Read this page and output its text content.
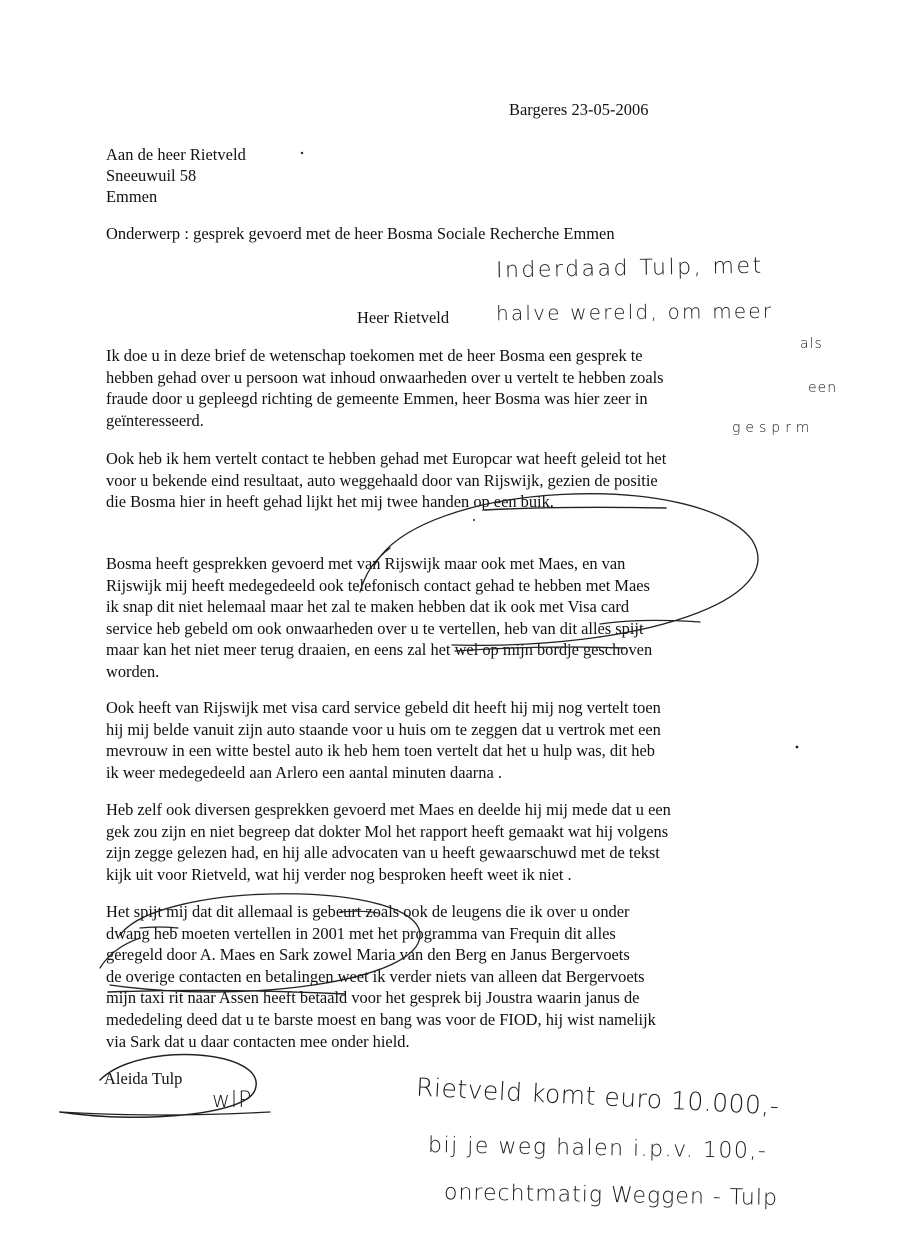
Bargeres 23-05-2006
Aan de heer Rietveld
Sneeuwuil 58
Emmen
Onderwerp : gesprek gevoerd met de heer Bosma Sociale Recherche Emmen
Heer Rietveld
Ik doe u in deze brief de wetenschap toekomen met de heer Bosma een gesprek te
hebben gehad over u persoon wat inhoud onwaarheden over u vertelt te hebben zoals
fraude door u gepleegd richting de gemeente Emmen, heer Bosma was hier zeer in
geïnteresseerd.
Ook heb ik hem vertelt contact te hebben gehad met Europcar wat heeft geleid tot het
voor u bekende eind resultaat, auto weggehaald door van Rijswijk, gezien de positie
die Bosma hier in heeft gehad lijkt het mij twee handen op een buik.
Bosma heeft gesprekken gevoerd met van Rijswijk maar ook met Maes, en van
Rijswijk mij heeft medegedeeld ook telefonisch contact gehad te hebben met Maes
ik snap dit niet helemaal maar het zal te maken hebben dat ik ook met Visa card
service heb gebeld om ook onwaarheden over u te vertellen, heb van dit alles spijt
maar kan het niet meer terug draaien, en eens zal het wel op mijn bordje geschoven
worden.
Ook heeft van Rijswijk met visa card service gebeld dit heeft hij mij nog vertelt toen
hij mij belde vanuit zijn auto staande voor u huis om te zeggen dat u vertrok met een
mevrouw in een witte bestel auto ik heb hem toen vertelt dat het u hulp was, dit heb
ik weer medegedeeld aan Arlero een aantal minuten daarna .
Heb zelf ook diversen gesprekken gevoerd met Maes en deelde hij mij mede dat u een
gek zou zijn en niet begreep dat dokter Mol het rapport heeft gemaakt wat hij volgens
zijn zegge gelezen had, en hij alle advocaten van u heeft gewaarschuwd met de tekst
kijk uit voor Rietveld, wat hij verder nog besproken heeft weet ik niet .
Het spijt mij dat dit allemaal is gebeurt zoals ook de leugens die ik over u onder
dwang heb moeten vertellen in 2001 met het programma van Frequin dit alles
geregeld door A. Maes en Sark zowel Maria van den Berg en Janus Bergervoets
de overige contacten en betalingen weet ik verder niets van alleen dat Bergervoets
mijn taxi rit naar Assen heeft betaald voor het gesprek bij Joustra waarin janus de
mededeling deed dat u te barste moest en bang was voor de FIOD, hij wist namelijk
via Sark dat u daar contacten mee onder hield.
Aleida Tulp
wlP
Inderdaad Tulp, met
halve wereld, om meer
als
een
gesprm
Rietveld komt euro 10.000,-
bij je weg halen i.p.v. 100,-
onrechtmatig Weggen - Tulp
